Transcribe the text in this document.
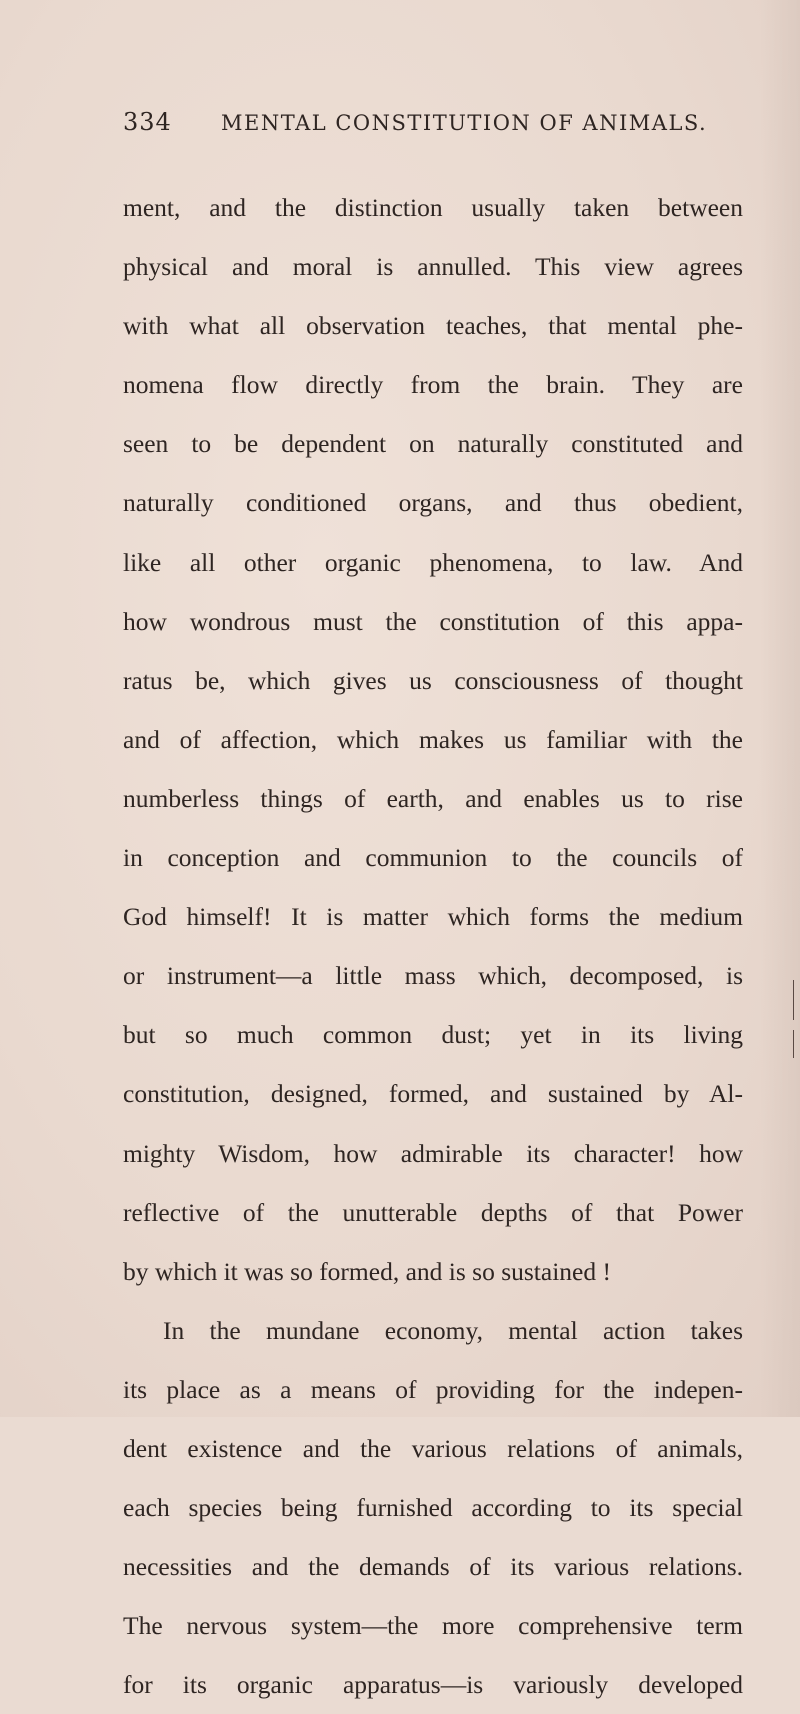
334 MENTAL CONSTITUTION OF ANIMALS.
ment, and the distinction usually taken between
physical and moral is annulled. This view agrees
with what all observation teaches, that mental phe-
nomena flow directly from the brain. They are
seen to be dependent on naturally constituted and
naturally conditioned organs, and thus obedient,
like all other organic phenomena, to law. And
how wondrous must the constitution of this appa-
ratus be, which gives us consciousness of thought
and of affection, which makes us familiar with the
numberless things of earth, and enables us to rise
in conception and communion to the councils of
God himself! It is matter which forms the medium
or instrument—a little mass which, decomposed, is
but so much common dust; yet in its living
constitution, designed, formed, and sustained by Al-
mighty Wisdom, how admirable its character! how
reflective of the unutterable depths of that Power
by which it was so formed, and is so sustained !
In the mundane economy, mental action takes
its place as a means of providing for the indepen-
dent existence and the various relations of animals,
each species being furnished according to its special
necessities and the demands of its various relations.
The nervous system—the more comprehensive term
for its organic apparatus—is variously developed
